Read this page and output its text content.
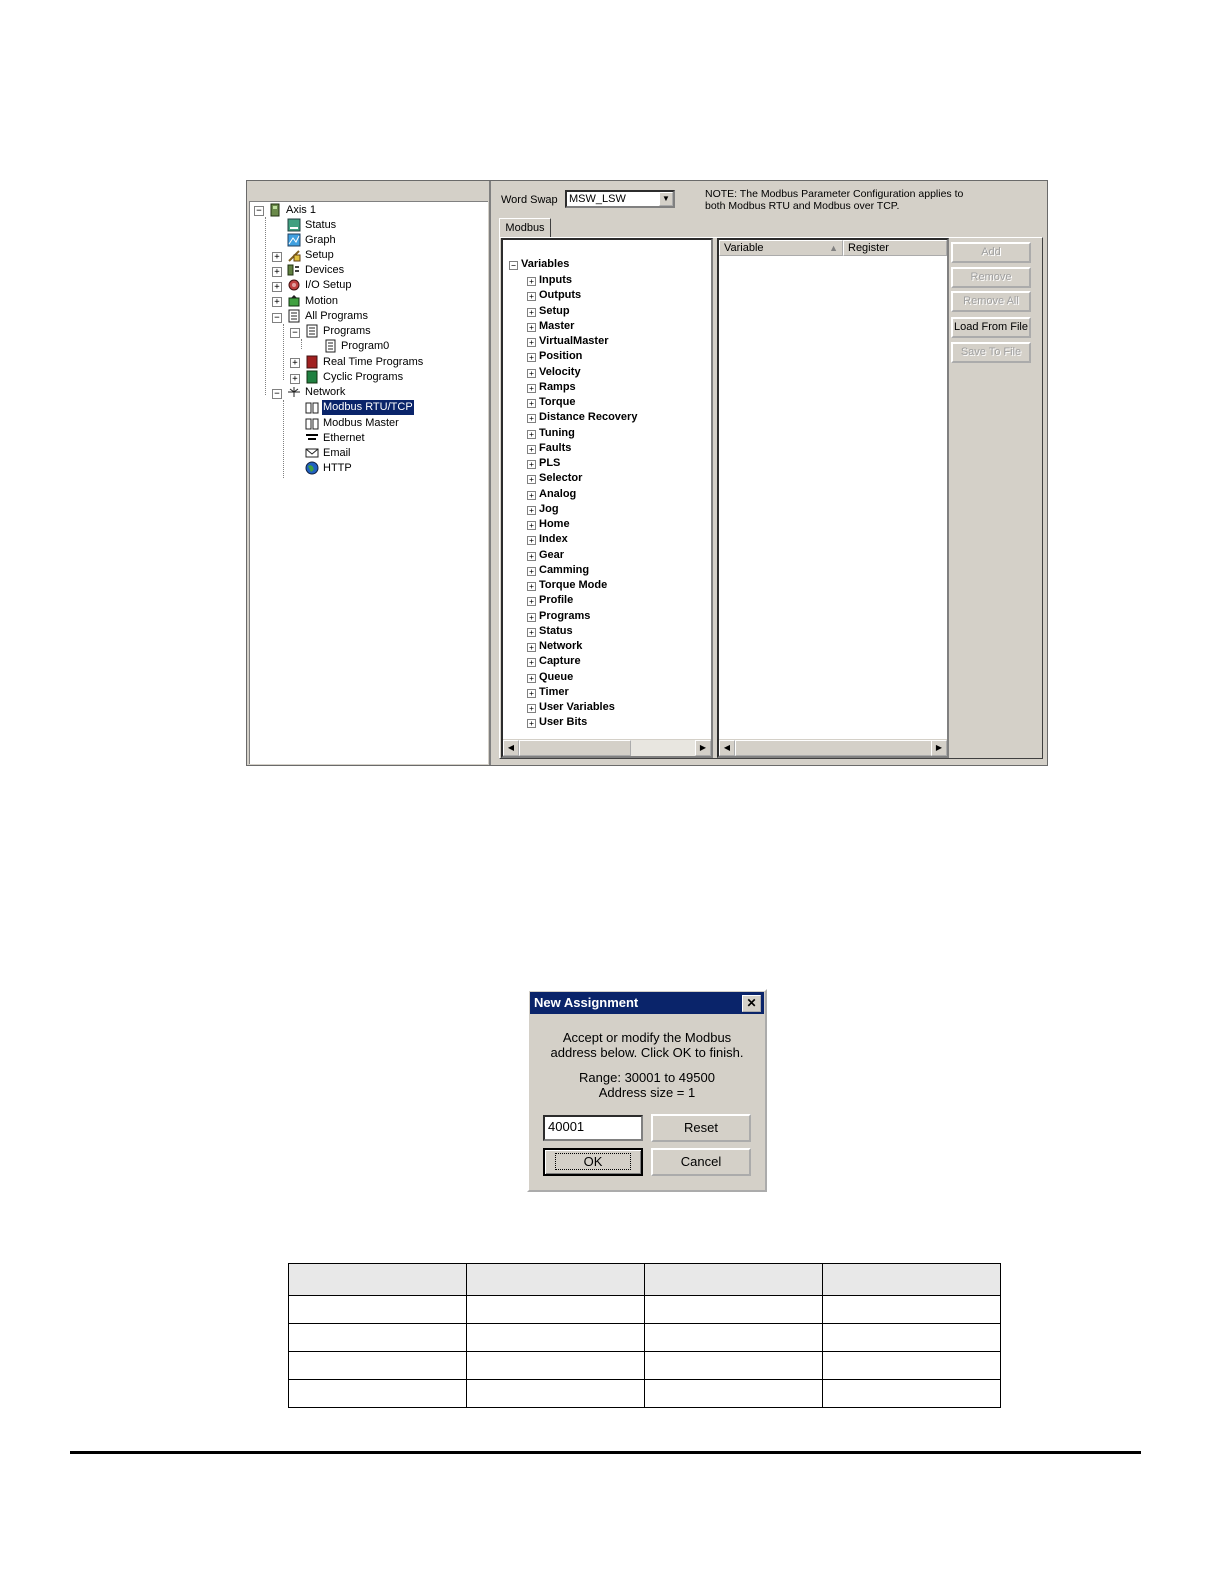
−	Axis 1
Status
Graph
+	Setup
+	Devices
+	I/O Setup
+	Motion
−	All Programs
−	Programs
Program0
+	Real Time Programs
+	Cyclic Programs
−	Network
Modbus RTU/TCP
Modbus Master
Ethernet
Email
HTTP
Word Swap	MSW_LSW	▼	NOTE: The Modbus Parameter Configuration applies to
both Modbus RTU and Modbus over TCP.
Modbus
− Variables
+ Inputs
+ Outputs
+ Setup
+ Master
+ VirtualMaster
+ Position
+ Velocity
+ Ramps
+ Torque
+ Distance Recovery
+ Tuning
+ Faults
+ PLS
+ Selector
+ Analog
+ Jog
+ Home
+ Index
+ Gear
+ Camming
+ Torque Mode
+ Profile
+ Programs
+ Status
+ Network
+ Capture
+ Queue
+ Timer
+ User Variables
+ User Bits
◀	▶
Variable	▲ Register
◀	▶
Add
Remove
Remove All
Load From File
Save To File
New Assignment	✕
Accept or modify the Modbus
address below. Click OK to finish.
Range: 30001 to 49500
Address size = 1
40001	Reset
OK	Cancel
